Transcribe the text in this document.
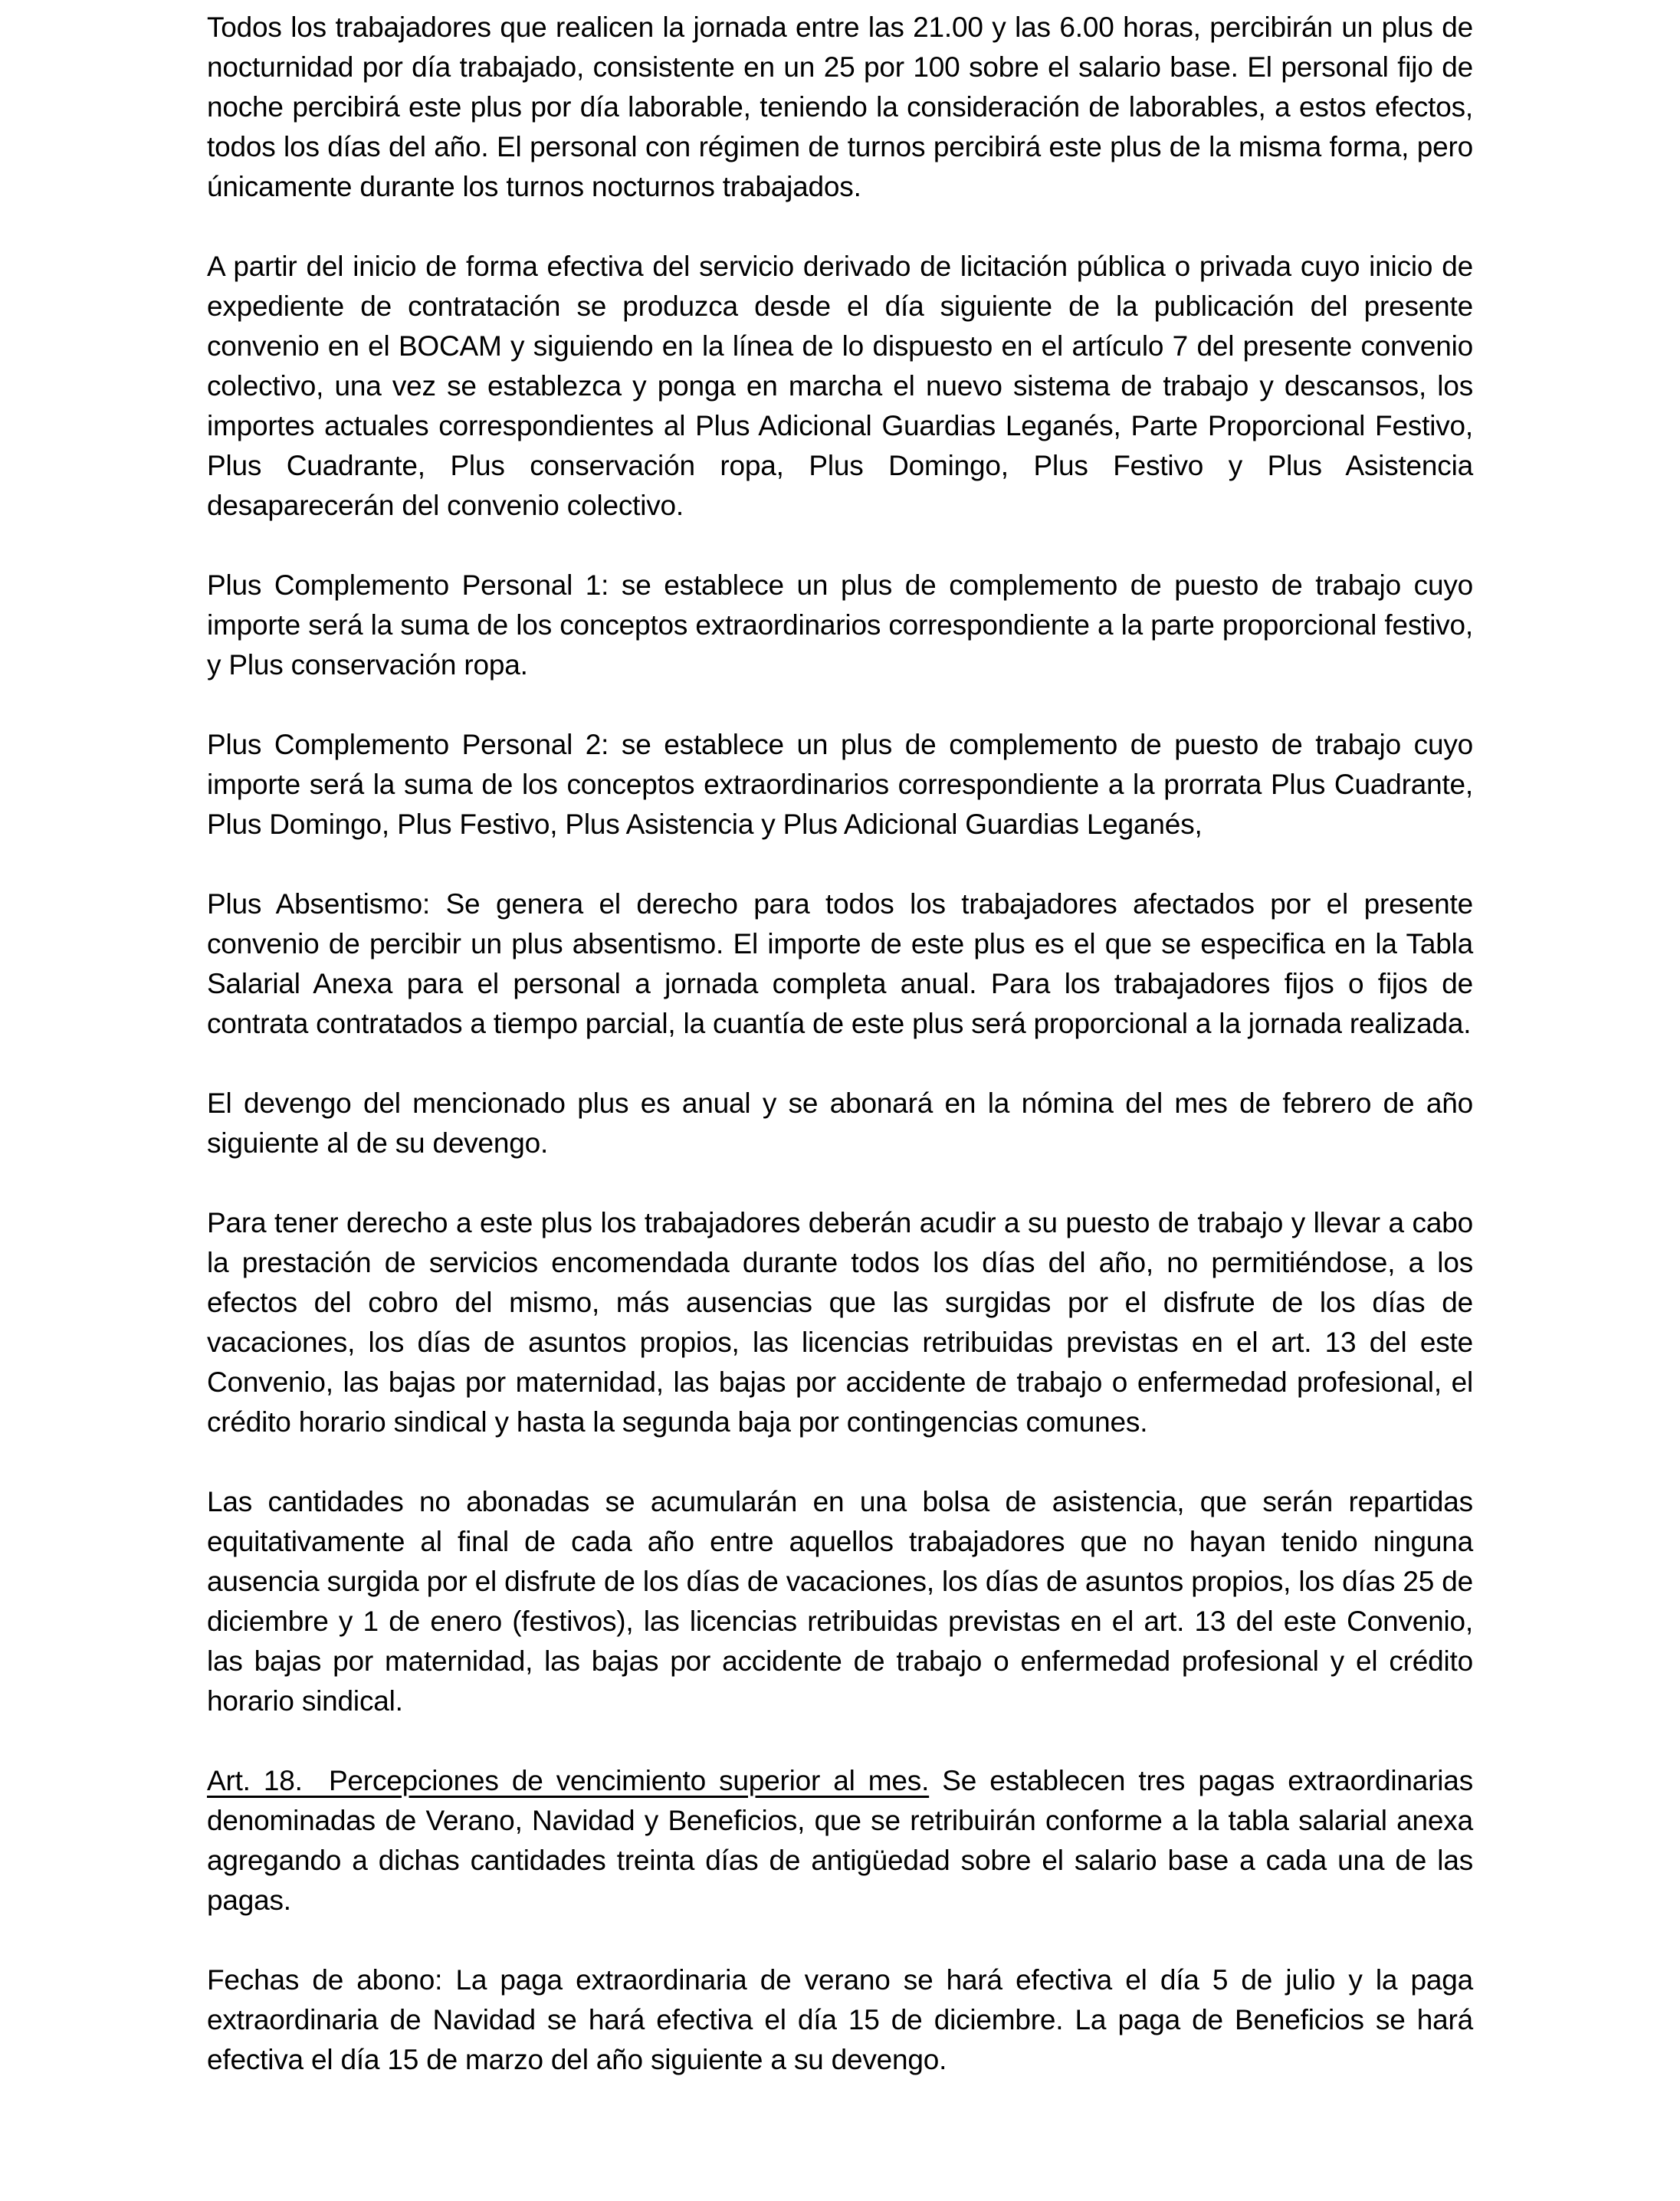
Todos los trabajadores que realicen la jornada entre las 21.00 y las 6.00 horas, percibirán un plus de nocturnidad por día trabajado, consistente en un 25 por 100 sobre el salario base. El personal fijo de noche percibirá este plus por día laborable, teniendo la consideración de laborables, a estos efectos, todos los días del año. El personal con régimen de turnos percibirá este plus de la misma forma, pero únicamente durante los turnos nocturnos trabajados.

A partir del inicio de forma efectiva del servicio derivado de licitación pública o privada cuyo inicio de expediente de contratación se produzca desde el día siguiente de la publicación del presente convenio en el BOCAM y siguiendo en la línea de lo dispuesto en el artículo 7 del presente convenio colectivo, una vez se establezca y ponga en marcha el nuevo sistema de trabajo y descansos, los importes actuales correspondientes al Plus Adicional Guardias Leganés, Parte Proporcional Festivo, Plus Cuadrante, Plus conservación ropa, Plus Domingo, Plus Festivo y Plus Asistencia desaparecerán del convenio colectivo.

Plus Complemento Personal 1: se establece un plus de complemento de puesto de trabajo cuyo importe será la suma de los conceptos extraordinarios correspondiente a la parte proporcional festivo, y Plus conservación ropa.

Plus Complemento Personal 2: se establece un plus de complemento de puesto de trabajo cuyo importe será la suma de los conceptos extraordinarios correspondiente a la prorrata Plus Cuadrante, Plus Domingo, Plus Festivo, Plus Asistencia y Plus Adicional Guardias Leganés,

Plus Absentismo: Se genera el derecho para todos los trabajadores afectados por el presente convenio de percibir un plus absentismo. El importe de este plus es el que se especifica en la Tabla Salarial Anexa para el personal a jornada completa anual. Para los trabajadores fijos o fijos de contrata contratados a tiempo parcial, la cuantía de este plus será proporcional a la jornada realizada.

El devengo del mencionado plus es anual y se abonará en la nómina del mes de febrero de año siguiente al de su devengo.

Para tener derecho a este plus los trabajadores deberán acudir a su puesto de trabajo y llevar a cabo la prestación de servicios encomendada durante todos los días del año, no permitiéndose, a los efectos del cobro del mismo, más ausencias que las surgidas por el disfrute de los días de vacaciones, los días de asuntos propios, las licencias retribuidas previstas en el art. 13 del este Convenio, las bajas por maternidad, las bajas por accidente de trabajo o enfermedad profesional, el crédito horario sindical y hasta la segunda baja por contingencias comunes.

Las cantidades no abonadas se acumularán en una bolsa de asistencia, que serán repartidas equitativamente al final de cada año entre aquellos trabajadores que no hayan tenido ninguna ausencia surgida por el disfrute de los días de vacaciones, los días de asuntos propios, los días 25 de diciembre y 1 de enero (festivos), las licencias retribuidas previstas en el art. 13 del este Convenio, las bajas por maternidad, las bajas por accidente de trabajo o enfermedad profesional y el crédito horario sindical.

Art. 18.  Percepciones de vencimiento superior al mes. Se establecen tres pagas extraordinarias denominadas de Verano, Navidad y Beneficios, que se retribuirán conforme a la tabla salarial anexa agregando a dichas cantidades treinta días de antigüedad sobre el salario base a cada una de las pagas.

Fechas de abono: La paga extraordinaria de verano se hará efectiva el día 5 de julio y la paga extraordinaria de Navidad se hará efectiva el día 15 de diciembre. La paga de Beneficios se hará efectiva el día 15 de marzo del año siguiente a su devengo.
